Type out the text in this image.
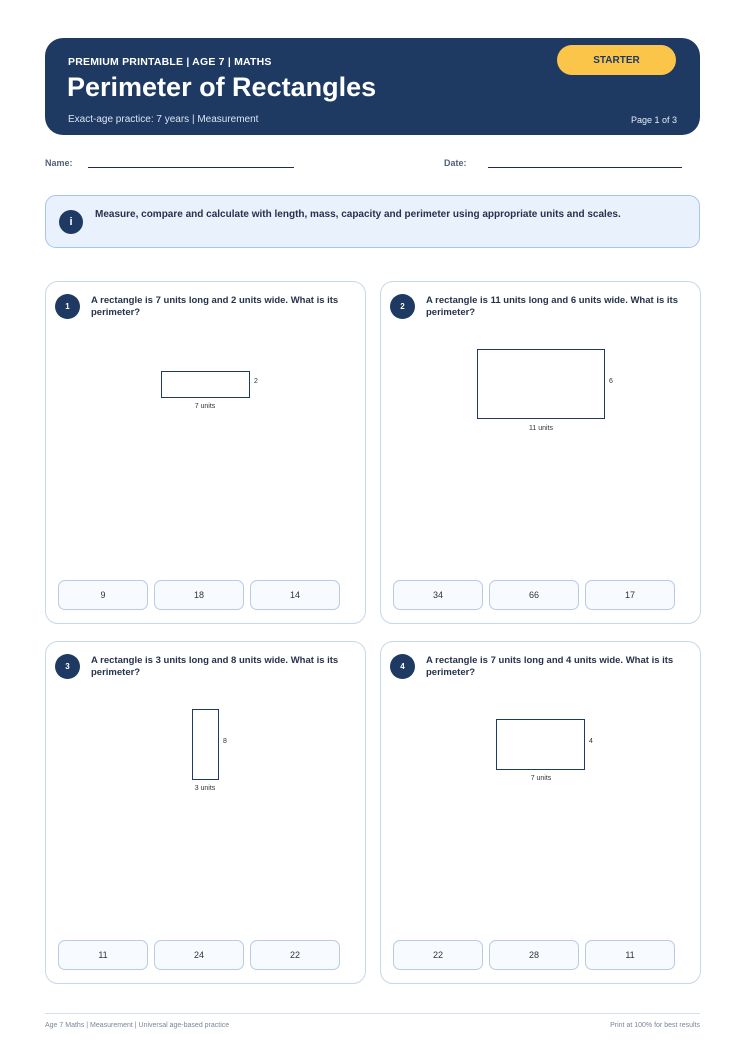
PREMIUM PRINTABLE | AGE 7 | MATHS
Perimeter of Rectangles
Exact-age practice: 7 years | Measurement	Page 1 of 3
STARTER
Name:	Date:
i
Measure, compare and calculate with length, mass, capacity and perimeter using appropriate units and scales.
1
A rectangle is 7 units long and 2 units wide. What is its perimeter?
2
7 units
9	18	14
2
A rectangle is 11 units long and 6 units wide. What is its perimeter?
6
11 units
34	66	17
3
A rectangle is 3 units long and 8 units wide. What is its perimeter?
8
3 units
11	24	22
4
A rectangle is 7 units long and 4 units wide. What is its perimeter?
4
7 units
22	28	11
Age 7 Maths | Measurement | Universal age-based practice	Print at 100% for best results
